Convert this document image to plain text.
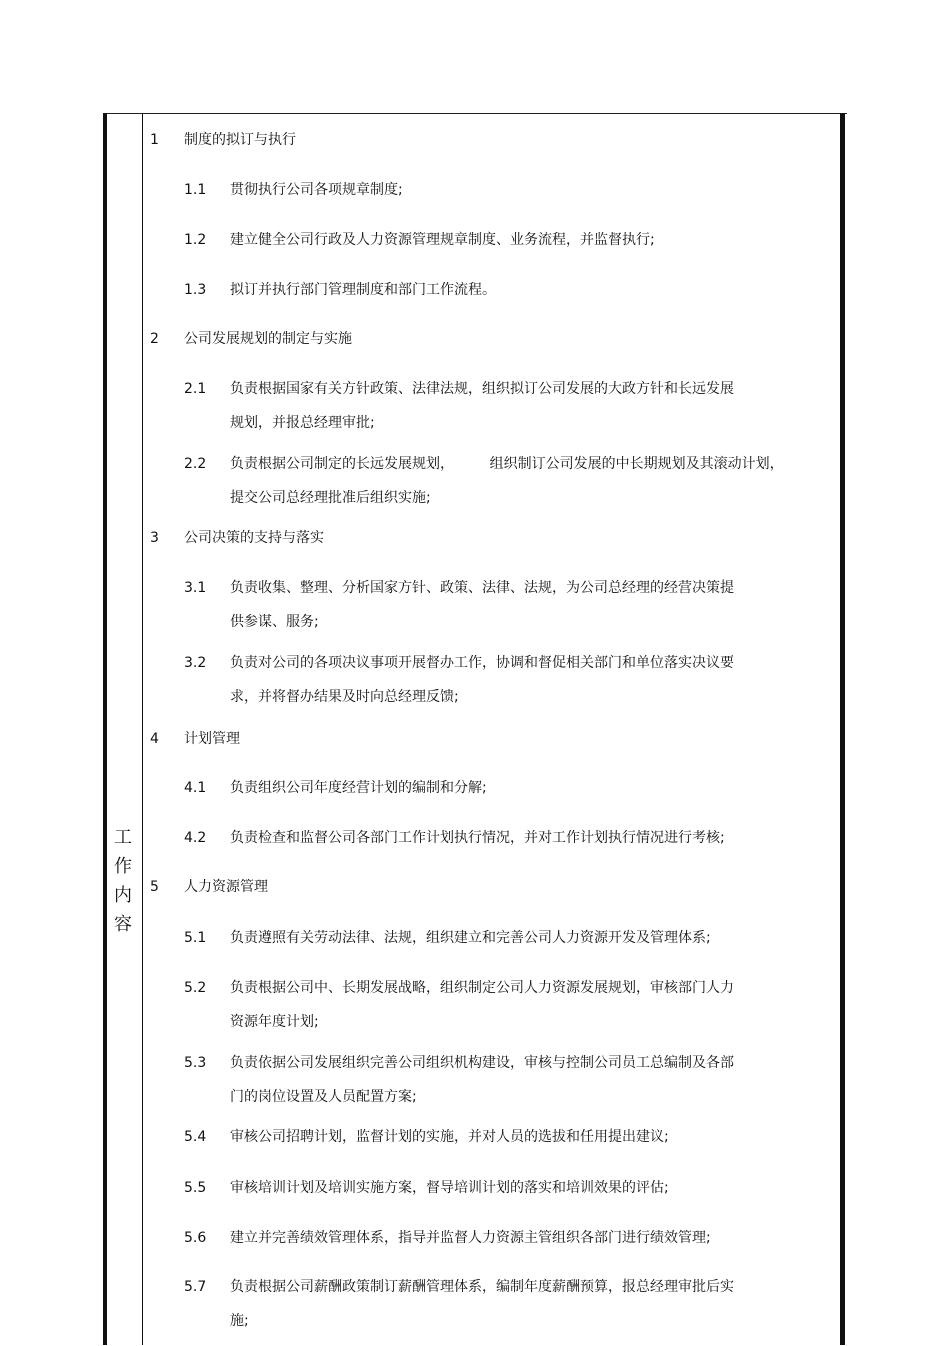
工
作
内
容
1 制度的拟订与执行
1.1 贯彻执行公司各项规章制度;
1.2 建立健全公司行政及人力资源管理规章制度、业务流程，并监督执行;
1.3 拟订并执行部门管理制度和部门工作流程。
2 公司发展规划的制定与实施
2.1 负责根据国家有关方针政策、法律法规，组织拟订公司发展的大政方针和长远发展
规划，并报总经理审批;
2.2 负责根据公司制定的长远发展规划，        组织制订公司发展的中长期规划及其滚动计划，
提交公司总经理批准后组织实施;
3 公司决策的支持与落实
3.1 负责收集、整理、分析国家方针、政策、法律、法规，为公司总经理的经营决策提
供参谋、服务;
3.2 负责对公司的各项决议事项开展督办工作，协调和督促相关部门和单位落实决议要
求，并将督办结果及时向总经理反馈;
4 计划管理
4.1 负责组织公司年度经营计划的编制和分解;
4.2 负责检查和监督公司各部门工作计划执行情况，并对工作计划执行情况进行考核;
5 人力资源管理
5.1 负责遵照有关劳动法律、法规，组织建立和完善公司人力资源开发及管理体系;
5.2 负责根据公司中、长期发展战略，组织制定公司人力资源发展规划，审核部门人力
资源年度计划;
5.3 负责依据公司发展组织完善公司组织机构建设，审核与控制公司员工总编制及各部
门的岗位设置及人员配置方案;
5.4 审核公司招聘计划，监督计划的实施，并对人员的选拔和任用提出建议;
5.5 审核培训计划及培训实施方案，督导培训计划的落实和培训效果的评估;
5.6 建立并完善绩效管理体系，指导并监督人力资源主管组织各部门进行绩效管理;
5.7 负责根据公司薪酬政策制订薪酬管理体系，编制年度薪酬预算，报总经理审批后实
施;
